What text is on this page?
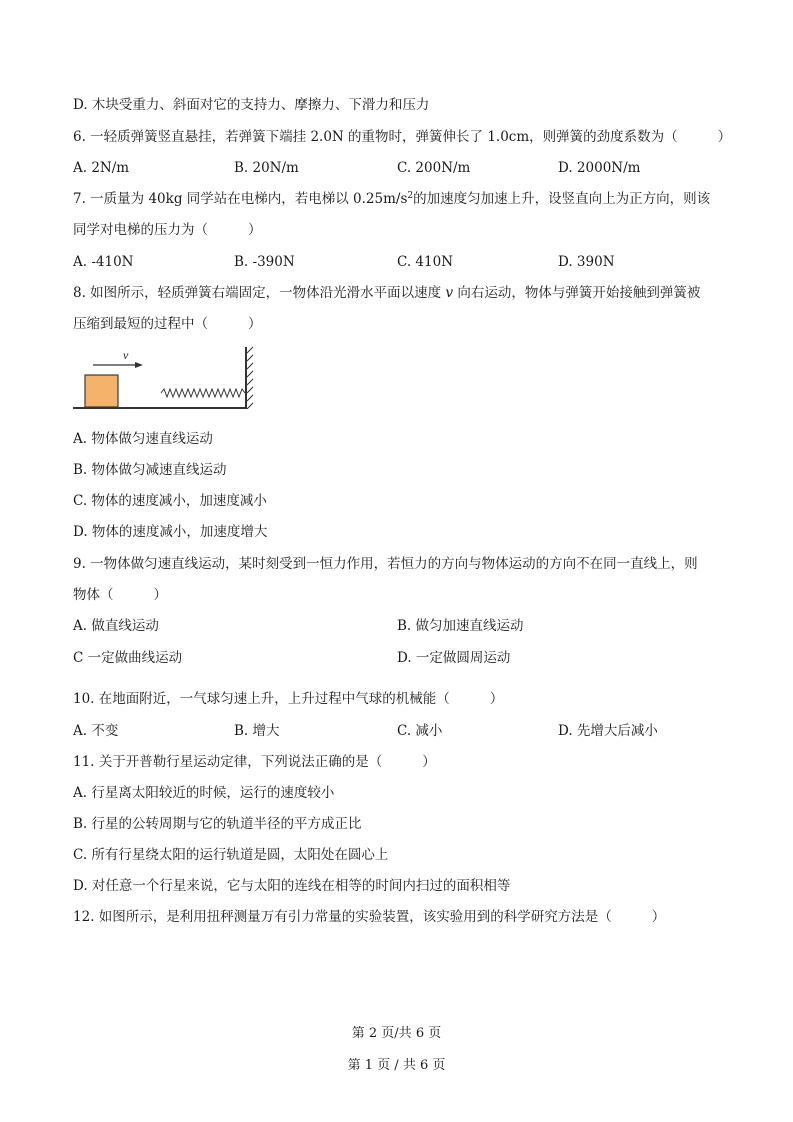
D. 木块受重力、斜面对它的支持力、摩擦力、下滑力和压力
6. 一轻质弹簧竖直悬挂，若弹簧下端挂 2.0N 的重物时，弹簧伸长了 1.0cm，则弹簧的劲度系数为（	）
A. 2N/m	B. 20N/m	C. 200N/m	D. 2000N/m
7. 一质量为 40kg 同学站在电梯内，若电梯以 $0.25m/s^2$的加速度匀加速上升，设竖直向上为正方向，则该
同学对电梯的压力为（	）
A. -410N	B. -390N	C. 410N	D. 390N
8. 如图所示，轻质弹簧右端固定，一物体沿光滑水平面以速度 v 向右运动，物体与弹簧开始接触到弹簧被
压缩到最短的过程中（	）
v
A. 物体做匀速直线运动
B. 物体做匀减速直线运动
C. 物体的速度减小，加速度减小
D. 物体的速度减小，加速度增大
9. 一物体做匀速直线运动，某时刻受到一恒力作用，若恒力的方向与物体运动的方向不在同一直线上，则
物体（	）
A. 做直线运动	B. 做匀加速直线运动
C 一定做曲线运动	D. 一定做圆周运动
10. 在地面附近，一气球匀速上升，上升过程中气球的机械能（	）
A. 不变	B. 增大	C. 减小	D. 先增大后减小
11. 关于开普勒行星运动定律，下列说法正确的是（	）
A. 行星离太阳较近的时候，运行的速度较小
B. 行星的公转周期与它的轨道半径的平方成正比
C. 所有行星绕太阳的运行轨道是圆，太阳处在圆心上
D. 对任意一个行星来说，它与太阳的连线在相等的时间内扫过的面积相等
12. 如图所示，是利用扭秤测量万有引力常量的实验装置，该实验用到的科学研究方法是（	）
第 2 页/共 6 页
第 1 页 / 共 6 页
